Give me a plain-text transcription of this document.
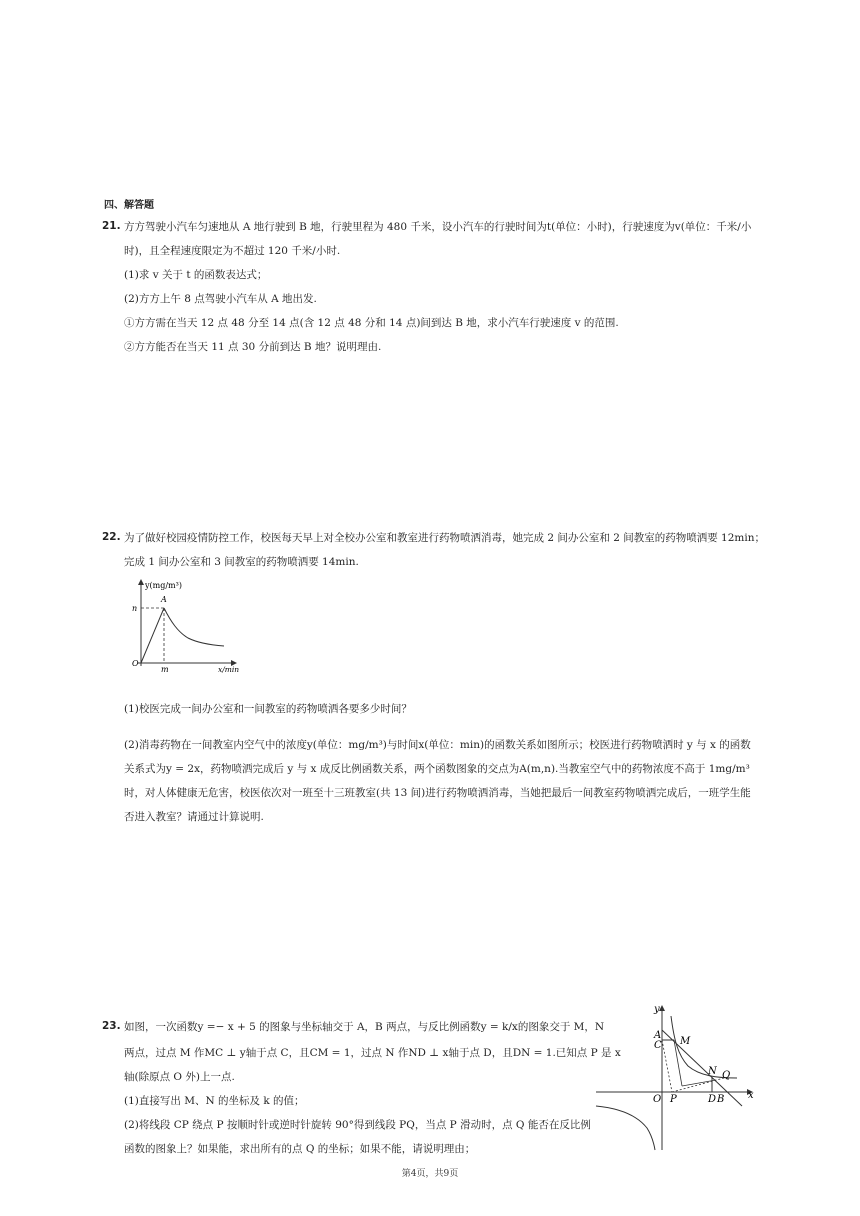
四、解答题
21. 方方驾驶小汽车匀速地从 A 地行驶到 B 地，行驶里程为 480 千米，设小汽车的行驶时间为t(单位：小时)，行驶速度为v(单位：千米/小
时)，且全程速度限定为不超过 120 千米/小时.
(1)求 v 关于 t 的函数表达式；
(2)方方上午 8 点驾驶小汽车从 A 地出发.
①方方需在当天 12 点 48 分至 14 点(含 12 点 48 分和 14 点)间到达 B 地，求小汽车行驶速度 v 的范围.
②方方能否在当天 11 点 30 分前到达 B 地？说明理由.
22. 为了做好校园疫情防控工作，校医每天早上对全校办公室和教室进行药物喷洒消毒，她完成 2 间办公室和 2 间教室的药物喷洒要 12min；
完成 1 间办公室和 3 间教室的药物喷洒要 14min.
y(mg/m³)
A
n
m
O
x/min
(1)校医完成一间办公室和一间教室的药物喷洒各要多少时间？
(2)消毒药物在一间教室内空气中的浓度y(单位：mg/m³)与时间x(单位：min)的函数关系如图所示；校医进行药物喷洒时 y 与 x 的函数
关系式为y = 2x，药物喷洒完成后 y 与 x 成反比例函数关系，两个函数图象的交点为A(m,n).当教室空气中的药物浓度不高于 1mg/m³
时，对人体健康无危害，校医依次对一班至十三班教室(共 13 间)进行药物喷洒消毒，当她把最后一间教室药物喷洒完成后，一班学生能
否进入教室？请通过计算说明.
23. 如图，一次函数y =− x + 5 的图象与坐标轴交于 A，B 两点，与反比例函数y = k/x的图象交于 M，N
两点，过点 M 作MC ⊥ y轴于点 C，且CM = 1，过点 N 作ND ⊥ x轴于点 D，且DN = 1.已知点 P 是 x
轴(除原点 O 外)上一点.
(1)直接写出 M、N 的坐标及 k 的值；
(2)将线段 CP 绕点 P 按顺时针或逆时针旋转 90°得到线段 PQ，当点 P 滑动时，点 Q 能否在反比例
函数的图象上？如果能，求出所有的点 Q 的坐标；如果不能，请说明理由；
y
x
A
C M
N Q
O P	D B
第4页，共9页
